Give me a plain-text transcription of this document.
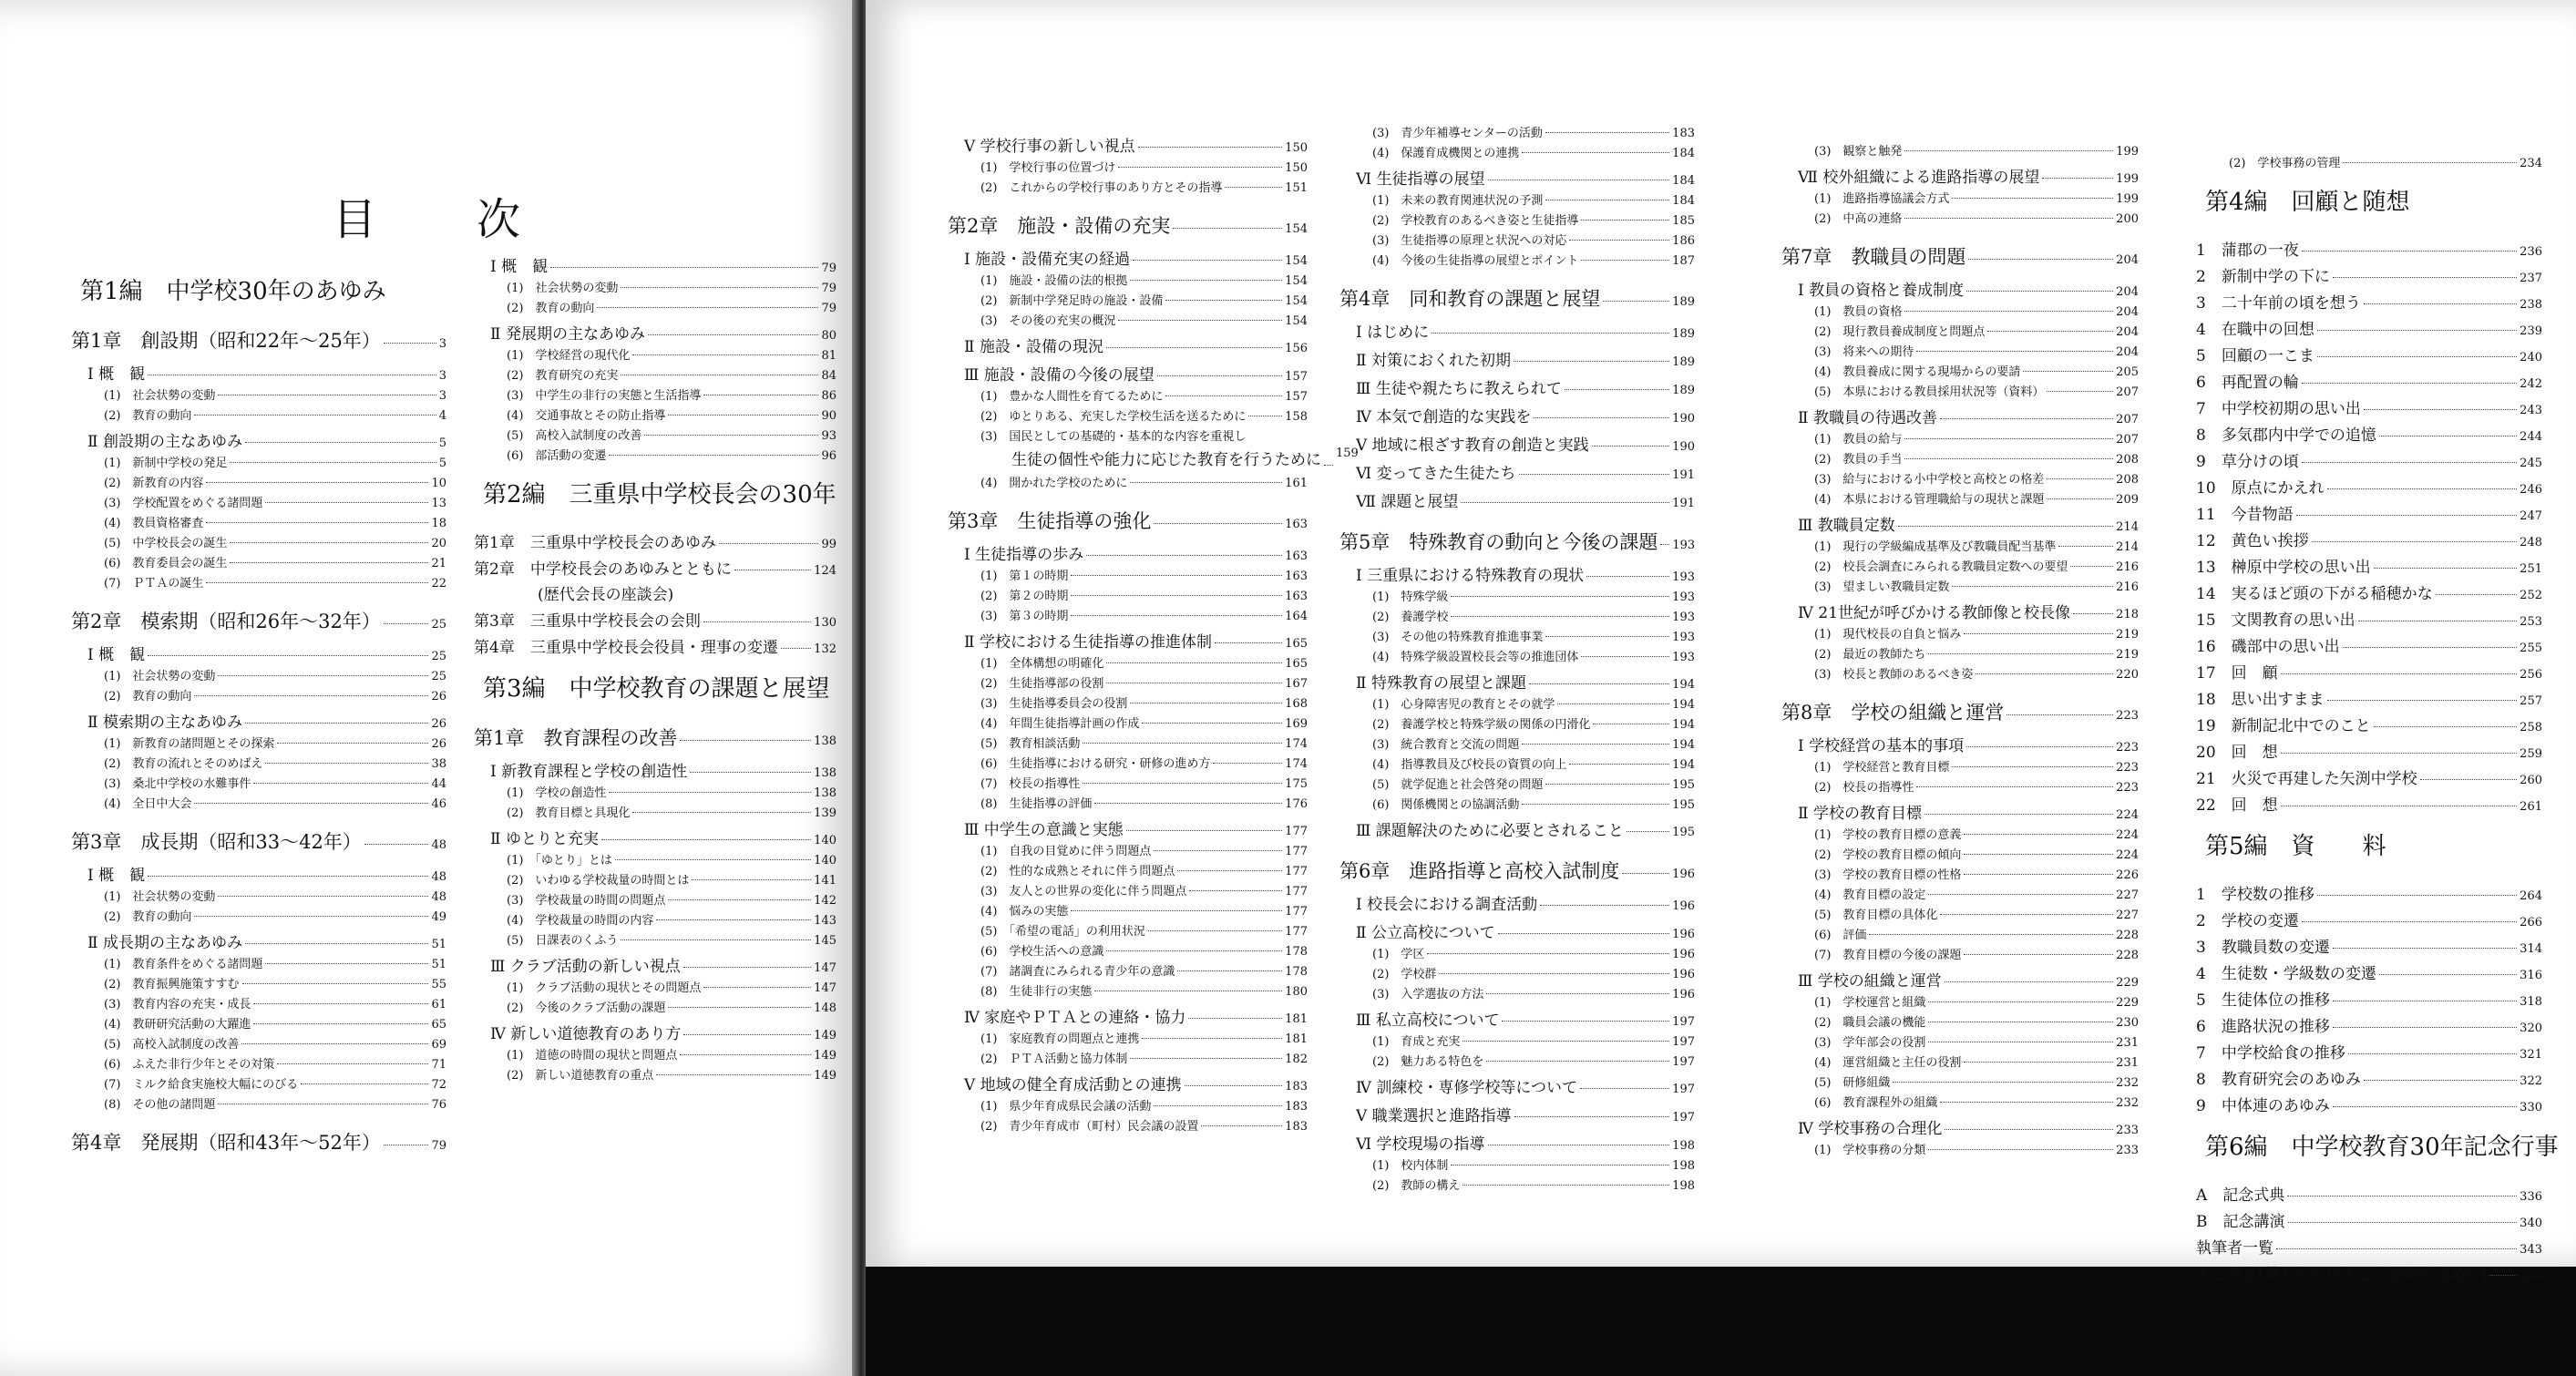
目次
第1編　中学校30年のあゆみ
第1章　創設期（昭和22年～25年）	3
Ⅰ 概　観	3
(1)　社会状勢の変動	3
(2)　教育の動向	4
Ⅱ 創設期の主なあゆみ	5
(1)　新制中学校の発足	5
(2)　新教育の内容	10
(3)　学校配置をめぐる諸問題	13
(4)　教員資格審査	18
(5)　中学校長会の誕生	20
(6)　教育委員会の誕生	21
(7)　ＰＴＡの誕生	22
第2章　模索期（昭和26年～32年）	25
Ⅰ 概　観	25
(1)　社会状勢の変動	25
(2)　教育の動向	26
Ⅱ 模索期の主なあゆみ	26
(1)　新教育の諸問題とその探索	26
(2)　教育の流れとそのめばえ	38
(3)　桑北中学校の水難事件	44
(4)　全日中大会	46
第3章　成長期（昭和33～42年）	48
Ⅰ 概　観	48
(1)　社会状勢の変動	48
(2)　教育の動向	49
Ⅱ 成長期の主なあゆみ	51
(1)　教育条件をめぐる諸問題	51
(2)　教育振興施策すすむ	55
(3)　教育内容の充実・成長	61
(4)　教研研究活動の大躍進	65
(5)　高校入試制度の改善	69
(6)　ふえた非行少年とその対策	71
(7)　ミルク給食実施校大幅にのびる	72
(8)　その他の諸問題	76
第4章　発展期（昭和43年～52年）	79
Ⅰ 概　観	79
(1)　社会状勢の変動	79
(2)　教育の動向	79
Ⅱ 発展期の主なあゆみ	80
(1)　学校経営の現代化	81
(2)　教育研究の充実	84
(3)　中学生の非行の実態と生活指導	86
(4)　交通事故とその防止指導	90
(5)　高校入試制度の改善	93
(6)　部活動の変遷	96
第2編　三重県中学校長会の30年
第1章　三重県中学校長会のあゆみ	99
第2章　中学校長会のあゆみとともに	124
(歴代会長の座談会)
第3章　三重県中学校長会の会則	130
第4章　三重県中学校長会役員・理事の変遷	132
第3編　中学校教育の課題と展望
第1章　教育課程の改善	138
Ⅰ 新教育課程と学校の創造性	138
(1)　学校の創造性	138
(2)　教育目標と具現化	139
Ⅱ ゆとりと充実	140
(1)　「ゆとり」とは	140
(2)　いわゆる学校裁量の時間とは	141
(3)　学校裁量の時間の問題点	142
(4)　学校裁量の時間の内容	143
(5)　日課表のくふう	145
Ⅲ クラブ活動の新しい視点	147
(1)　クラブ活動の現状とその問題点	147
(2)　今後のクラブ活動の課題	148
Ⅳ 新しい道徳教育のあり方	149
(1)　道徳の時間の現状と問題点	149
(2)　新しい道徳教育の重点	149
Ⅴ 学校行事の新しい視点	150
(1)　学校行事の位置づけ	150
(2)　これからの学校行事のあり方とその指導	151
第2章　施設・設備の充実	154
Ⅰ 施設・設備充実の経過	154
(1)　施設・設備の法的根拠	154
(2)　新制中学発足時の施設・設備	154
(3)　その後の充実の概況	154
Ⅱ 施設・設備の現況	156
Ⅲ 施設・設備の今後の展望	157
(1)　豊かな人間性を育てるために	157
(2)　ゆとりある、充実した学校生活を送るために	158
(3)　国民としての基礎的・基本的な内容を重視し
生徒の個性や能力に応じた教育を行うために 159
(4)　開かれた学校のために	161
第3章　生徒指導の強化	163
Ⅰ 生徒指導の歩み	163
(1)　第１の時期	163
(2)　第２の時期	163
(3)　第３の時期	164
Ⅱ 学校における生徒指導の推進体制	165
(1)　全体構想の明確化	165
(2)　生徒指導部の役割	167
(3)　生徒指導委員会の役割	168
(4)　年間生徒指導計画の作成	169
(5)　教育相談活動	174
(6)　生徒指導における研究・研修の進め方	174
(7)　校長の指導性	175
(8)　生徒指導の評価	176
Ⅲ 中学生の意識と実態	177
(1)　自我の目覚めに伴う問題点	177
(2)　性的な成熟とそれに伴う問題点	177
(3)　友人との世界の変化に伴う問題点	177
(4)　悩みの実態	177
(5)　「希望の電話」の利用状況	177
(6)　学校生活への意識	178
(7)　諸調査にみられる青少年の意識	178
(8)　生徒非行の実態	180
Ⅳ 家庭やＰＴＡとの連絡・協力	181
(1)　家庭教育の問題点と連携	181
(2)　ＰＴＡ活動と協力体制	182
Ⅴ 地域の健全育成活動との連携	183
(1)　県少年育成県民会議の活動	183
(2)　青少年育成市（町村）民会議の設置	183
(3)　青少年補導センターの活動	183
(4)　保護育成機関との連携	184
Ⅵ 生徒指導の展望	184
(1)　未来の教育関連状況の予測	184
(2)　学校教育のあるべき姿と生徒指導	185
(3)　生徒指導の原理と状況への対応	186
(4)　今後の生徒指導の展望とポイント	187
第4章　同和教育の課題と展望	189
Ⅰ はじめに	189
Ⅱ 対策におくれた初期	189
Ⅲ 生徒や親たちに教えられて	189
Ⅳ 本気で創造的な実践を	190
Ⅴ 地域に根ざす教育の創造と実践	190
Ⅵ 変ってきた生徒たち	191
Ⅶ 課題と展望	191
第5章　特殊教育の動向と今後の課題 193
Ⅰ 三重県における特殊教育の現状	193
(1)　特殊学級	193
(2)　養護学校	193
(3)　その他の特殊教育推進事業	193
(4)　特殊学級設置校長会等の推進団体	193
Ⅱ 特殊教育の展望と課題	194
(1)　心身障害児の教育とその就学	194
(2)　養護学校と特殊学級の関係の円滑化	194
(3)　統合教育と交流の問題	194
(4)　指導教員及び校長の資質の向上	194
(5)　就学促進と社会啓発の問題	195
(6)　関係機関との協調活動	195
Ⅲ 課題解決のために必要とされること	195
第6章　進路指導と高校入試制度	196
Ⅰ 校長会における調査活動	196
Ⅱ 公立高校について	196
(1)　学区	196
(2)　学校群	196
(3)　入学選抜の方法	196
Ⅲ 私立高校について	197
(1)　育成と充実	197
(2)　魅力ある特色を	197
Ⅳ 訓練校・専修学校等について	197
Ⅴ 職業選択と進路指導	197
Ⅵ 学校現場の指導	198
(1)　校内体制	198
(2)　教師の構え	198
(3)　観察と触発	199
Ⅶ 校外組織による進路指導の展望	199
(1)　進路指導協議会方式	199
(2)　中高の連絡	200
第7章　教職員の問題	204
Ⅰ 教員の資格と養成制度	204
(1)　教員の資格	204
(2)　現行教員養成制度と問題点	204
(3)　将来への期待	204
(4)　教員養成に関する現場からの要請	205
(5)　本県における教員採用状況等（資料）	207
Ⅱ 教職員の待遇改善	207
(1)　教員の給与	207
(2)　教員の手当	208
(3)　給与における小中学校と高校との格差	208
(4)　本県における管理職給与の現状と課題	209
Ⅲ 教職員定数	214
(1)　現行の学級編成基準及び教職員配当基準	214
(2)　校長会調査にみられる教職員定数への要望	216
(3)　望ましい教職員定数	216
Ⅳ 21世紀が呼びかける教師像と校長像	218
(1)　現代校長の自負と悩み	219
(2)　最近の教師たち	219
(3)　校長と教師のあるべき姿	220
第8章　学校の組織と運営	223
Ⅰ 学校経営の基本的事項	223
(1)　学校経営と教育目標	223
(2)　校長の指導性	223
Ⅱ 学校の教育目標	224
(1)　学校の教育目標の意義	224
(2)　学校の教育目標の傾向	224
(3)　学校の教育目標の性格	226
(4)　教育目標の設定	227
(5)　教育目標の具体化	227
(6)　評価	228
(7)　教育目標の今後の課題	228
Ⅲ 学校の組織と運営	229
(1)　学校運営と組織	229
(2)　職員会議の機能	230
(3)　学年部会の役割	231
(4)　運営組織と主任の役割	231
(5)　研修組織	232
(6)　教育課程外の組織	232
Ⅳ 学校事務の合理化	233
(1)　学校事務の分類	233
(2)　学校事務の管理	234
第4編　回顧と随想
1　蒲郡の一夜	236
2　新制中学の下に	237
3　二十年前の頃を想う	238
4　在職中の回想	239
5　回顧の一こま	240
6　再配置の輪	242
7　中学校初期の思い出	243
8　多気郡内中学での追憶	244
9　草分けの頃	245
10　原点にかえれ	246
11　今昔物語	247
12　黄色い挨拶	248
13　榊原中学校の思い出	251
14　実るほど頭の下がる稲穂かな	252
15　文関教育の思い出	253
16　磯部中の思い出	255
17　回　顧	256
18　思い出すまま	257
19　新制記北中でのこと	258
20　回　想	259
21　火災で再建した矢渕中学校	260
22　回　想	261
第5編　資　　料
1　学校数の推移	264
2　学校の変遷	266
3　教職員数の変遷	314
4　生徒数・学級数の変遷	316
5　生徒体位の推移	318
6　進路状況の推移	320
7　中学校給食の推移	321
8　教育研究会のあゆみ	322
9　中体連のあゆみ	330
第6編　中学校教育30年記念行事
A　記念式典	336
B　記念講演	340
執筆者一覧	343
あとがき(美しくしいあしたを開くために)	344
